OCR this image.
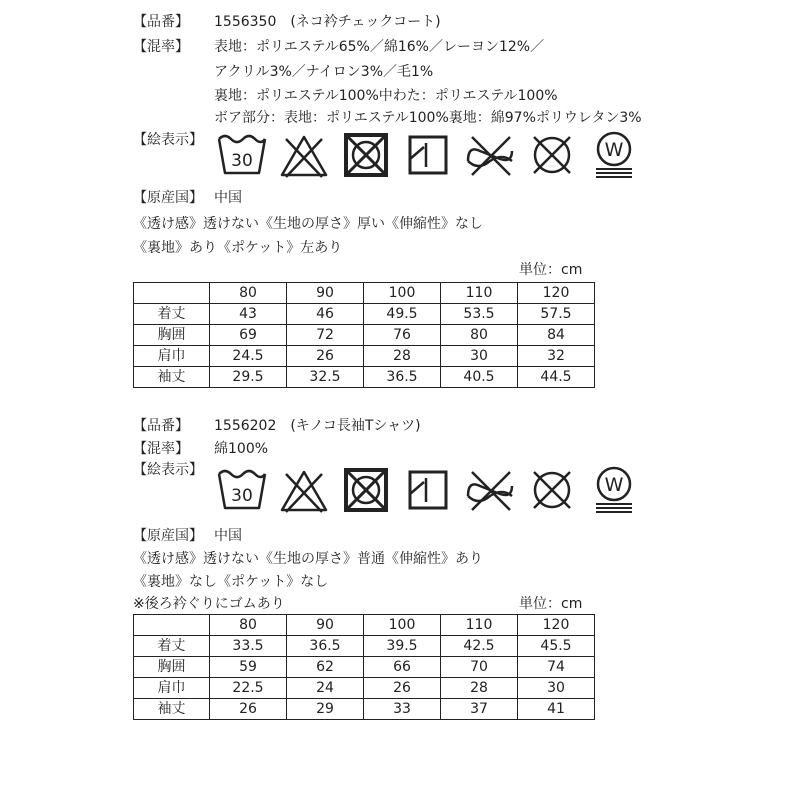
【品番】 1556350　(ネコ衿チェックコート)
【混率】 表地：ポリエステル65%／綿16%／レーヨン12%／
アクリル3%／ナイロン3%／毛1%
裏地：ポリエステル100%中わた：ポリエステル100%
ボア部分：表地：ポリエステル100%裏地：綿97%ポリウレタン3%
【絵表示】
30	W
【原産国】 中国
《透け感》透けない《生地の厚さ》厚い《伸縮性》なし
《裏地》あり《ポケット》左あり
単位：cm
	80	90	100	110	120
着丈	43	46	49.5	53.5	57.5
胸囲	69	72	76	80	84
肩巾	24.5	26	28	30	32
袖丈	29.5	32.5	36.5	40.5	44.5
【品番】 1556202　(キノコ長袖Tシャツ)
【混率】 綿100%
【絵表示】
30	W
【原産国】 中国
《透け感》透けない《生地の厚さ》普通《伸縮性》あり
《裏地》なし《ポケット》なし
※後ろ衿ぐりにゴムあり	単位：cm
	80	90	100	110	120
着丈	33.5	36.5	39.5	42.5	45.5
胸囲	59	62	66	70	74
肩巾	22.5	24	26	28	30
袖丈	26	29	33	37	41
